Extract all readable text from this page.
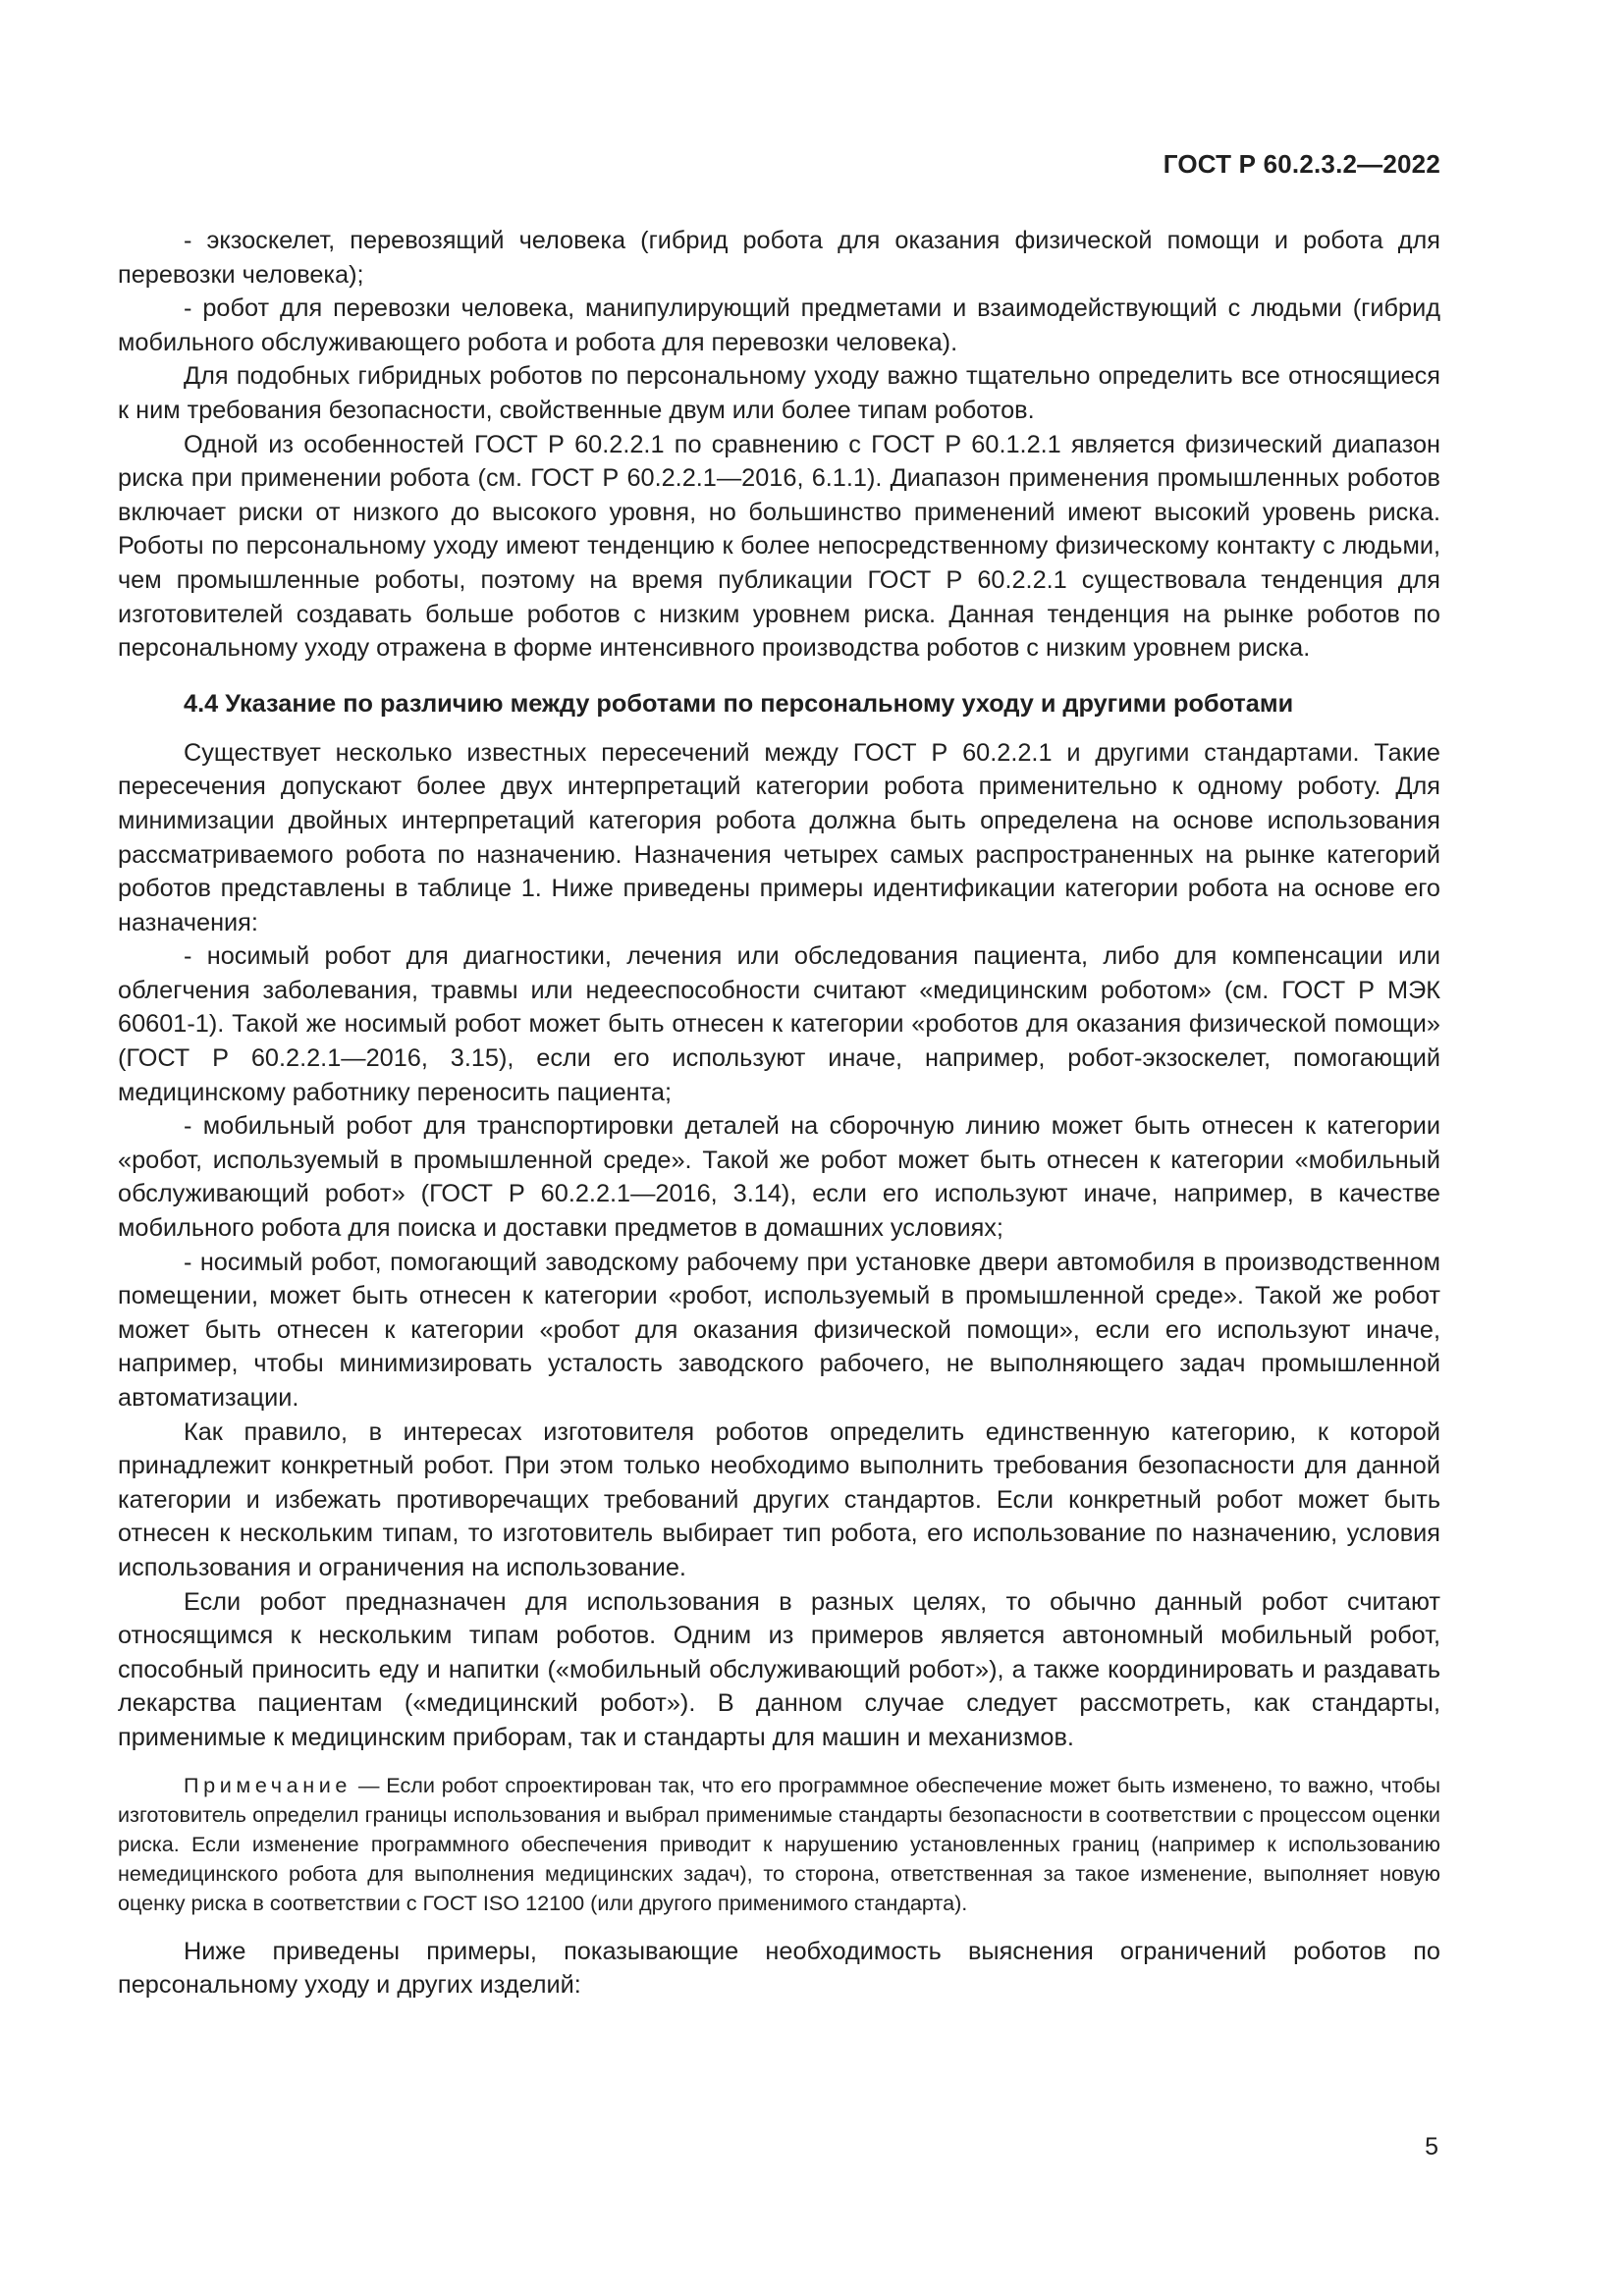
ГОСТ Р 60.2.3.2—2022

- экзоскелет, перевозящий человека (гибрид робота для оказания физической помощи и робота для перевозки человека);

- робот для перевозки человека, манипулирующий предметами и взаимодействующий с людьми (гибрид мобильного обслуживающего робота и робота для перевозки человека).

Для подобных гибридных роботов по персональному уходу важно тщательно определить все относящиеся к ним требования безопасности, свойственные двум или более типам роботов.

Одной из особенностей ГОСТ Р 60.2.2.1 по сравнению с ГОСТ Р 60.1.2.1 является физический диапазон риска при применении робота (см. ГОСТ Р 60.2.2.1—2016, 6.1.1). Диапазон применения промышленных роботов включает риски от низкого до высокого уровня, но большинство применений имеют высокий уровень риска. Роботы по персональному уходу имеют тенденцию к более непосредственному физическому контакту с людьми, чем промышленные роботы, поэтому на время публикации ГОСТ Р 60.2.2.1 существовала тенденция для изготовителей создавать больше роботов с низким уровнем риска. Данная тенденция на рынке роботов по персональному уходу отражена в форме интенсивного производства роботов с низким уровнем риска.

4.4 Указание по различию между роботами по персональному уходу и другими роботами

Существует несколько известных пересечений между ГОСТ Р 60.2.2.1 и другими стандартами. Такие пересечения допускают более двух интерпретаций категории робота применительно к одному роботу. Для минимизации двойных интерпретаций категория робота должна быть определена на основе использования рассматриваемого робота по назначению. Назначения четырех самых распространенных на рынке категорий роботов представлены в таблице 1. Ниже приведены примеры идентификации категории робота на основе его назначения:

- носимый робот для диагностики, лечения или обследования пациента, либо для компенсации или облегчения заболевания, травмы или недееспособности считают «медицинским роботом» (см. ГОСТ Р МЭК 60601-1). Такой же носимый робот может быть отнесен к категории «роботов для оказания физической помощи» (ГОСТ Р 60.2.2.1—2016, 3.15), если его используют иначе, например, робот-экзоскелет, помогающий медицинскому работнику переносить пациента;

- мобильный робот для транспортировки деталей на сборочную линию может быть отнесен к категории «робот, используемый в промышленной среде». Такой же робот может быть отнесен к категории «мобильный обслуживающий робот» (ГОСТ Р 60.2.2.1—2016, 3.14), если его используют иначе, например, в качестве мобильного робота для поиска и доставки предметов в домашних условиях;

- носимый робот, помогающий заводскому рабочему при установке двери автомобиля в производственном помещении, может быть отнесен к категории «робот, используемый в промышленной среде». Такой же робот может быть отнесен к категории «робот для оказания физической помощи», если его используют иначе, например, чтобы минимизировать усталость заводского рабочего, не выполняющего задач промышленной автоматизации.

Как правило, в интересах изготовителя роботов определить единственную категорию, к которой принадлежит конкретный робот. При этом только необходимо выполнить требования безопасности для данной категории и избежать противоречащих требований других стандартов. Если конкретный робот может быть отнесен к нескольким типам, то изготовитель выбирает тип робота, его использование по назначению, условия использования и ограничения на использование.

Если робот предназначен для использования в разных целях, то обычно данный робот считают относящимся к нескольким типам роботов. Одним из примеров является автономный мобильный робот, способный приносить еду и напитки («мобильный обслуживающий робот»), а также координировать и раздавать лекарства пациентам («медицинский робот»). В данном случае следует рассмотреть, как стандарты, применимые к медицинским приборам, так и стандарты для машин и механизмов.

Примечание — Если робот спроектирован так, что его программное обеспечение может быть изменено, то важно, чтобы изготовитель определил границы использования и выбрал применимые стандарты безопасности в соответствии с процессом оценки риска. Если изменение программного обеспечения приводит к нарушению установленных границ (например к использованию немедицинского робота для выполнения медицинских задач), то сторона, ответственная за такое изменение, выполняет новую оценку риска в соответствии с ГОСТ ISO 12100 (или другого применимого стандарта).

Ниже приведены примеры, показывающие необходимость выяснения ограничений роботов по персональному уходу и других изделий:

5
